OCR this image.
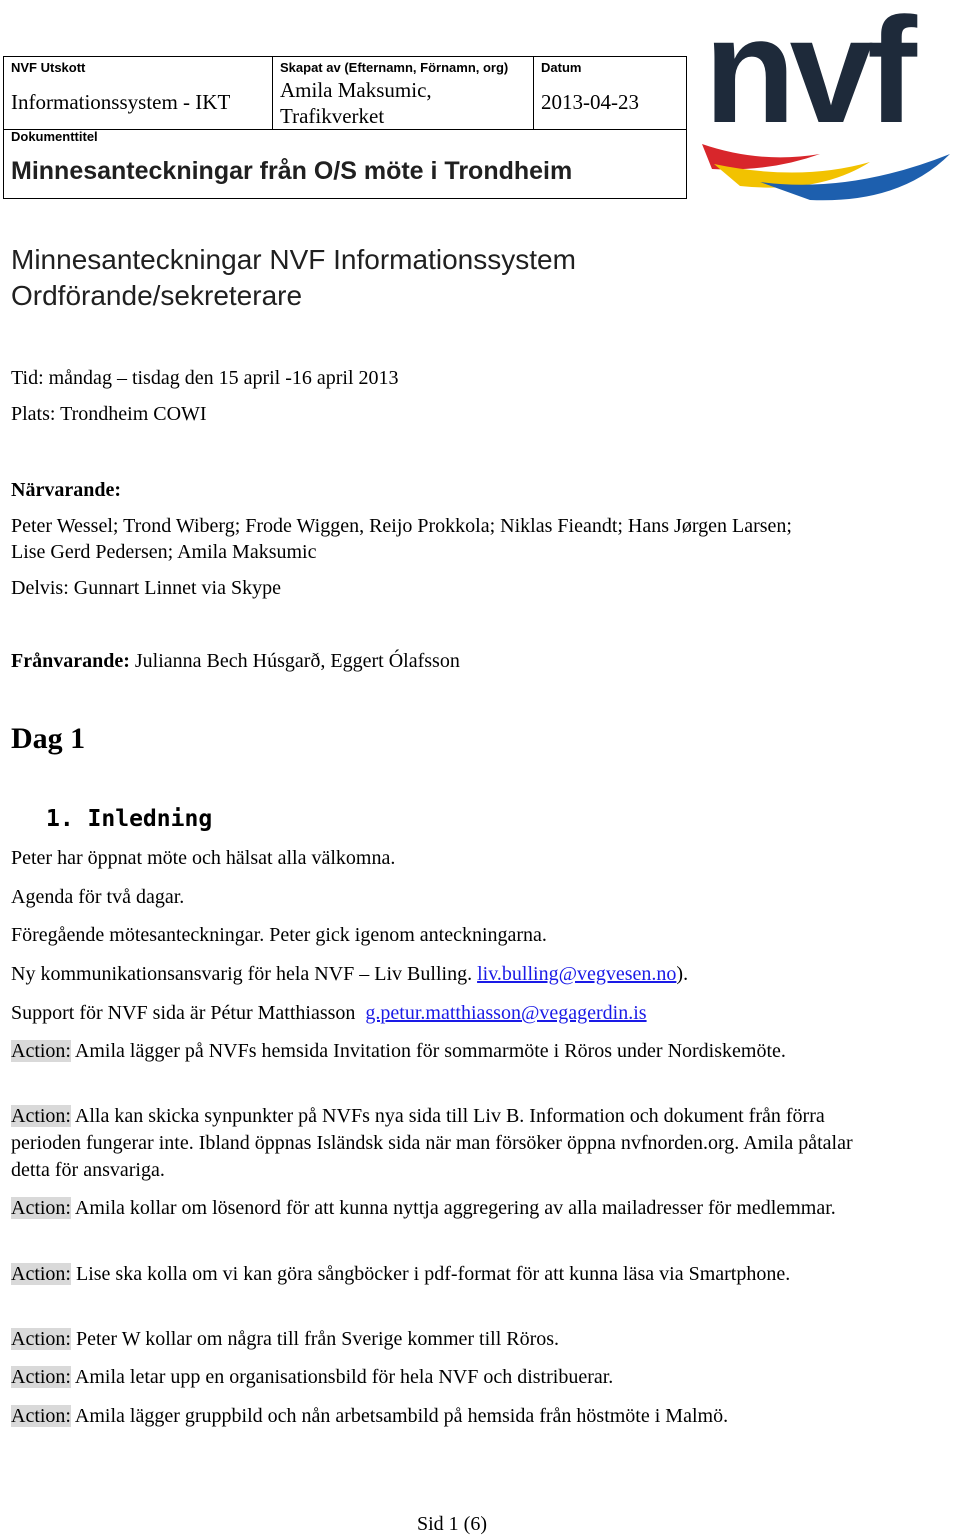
NVF Utskott
Informationssystem - IKT
Skapat av (Efternamn, Förnamn, org)
Amila Maksumic, Trafikverket
Datum
2013-04-23
Dokumenttitel
Minnesanteckningar från O/S möte i Trondheim
nvf
Minnesanteckningar NVF Informationssystem
Ordförande/sekreterare
Tid: måndag – tisdag den 15 april -16 april 2013
Plats: Trondheim COWI
Närvarande:
Peter Wessel; Trond Wiberg; Frode Wiggen, Reijo Prokkola; Niklas Fieandt; Hans Jørgen Larsen;
Lise Gerd Pedersen; Amila Maksumic
Delvis: Gunnart Linnet via Skype
Frånvarande: Julianna Bech Húsgarð, Eggert Ólafsson
Dag 1
1. Inledning
Peter har öppnat möte och hälsat alla välkomna.
Agenda för två dagar.
Föregående mötesanteckningar. Peter gick igenom anteckningarna.
Ny kommunikationsansvarig för hela NVF – Liv Bulling. liv.bulling@vegvesen.no).
Support för NVF sida är Pétur Matthiasson  g.petur.matthiasson@vegagerdin.is
Action: Amila lägger på NVFs hemsida Invitation för sommarmöte i Röros under Nordiskemöte.
Action: Alla kan skicka synpunkter på NVFs nya sida till Liv B. Information och dokument från förra perioden fungerar inte. Ibland öppnas Isländsk sida när man försöker öppna nvfnorden.org. Amila påtalar detta för ansvariga.
Action: Amila kollar om lösenord för att kunna nyttja aggregering av alla mailadresser för medlemmar.
Action: Lise ska kolla om vi kan göra sångböcker i pdf-format för att kunna läsa via Smartphone.
Action: Peter W kollar om några till från Sverige kommer till Röros.
Action: Amila letar upp en organisationsbild för hela NVF och distribuerar.
Action: Amila lägger gruppbild och nån arbetsambild på hemsida från höstmöte i Malmö.
Sid 1 (6)
